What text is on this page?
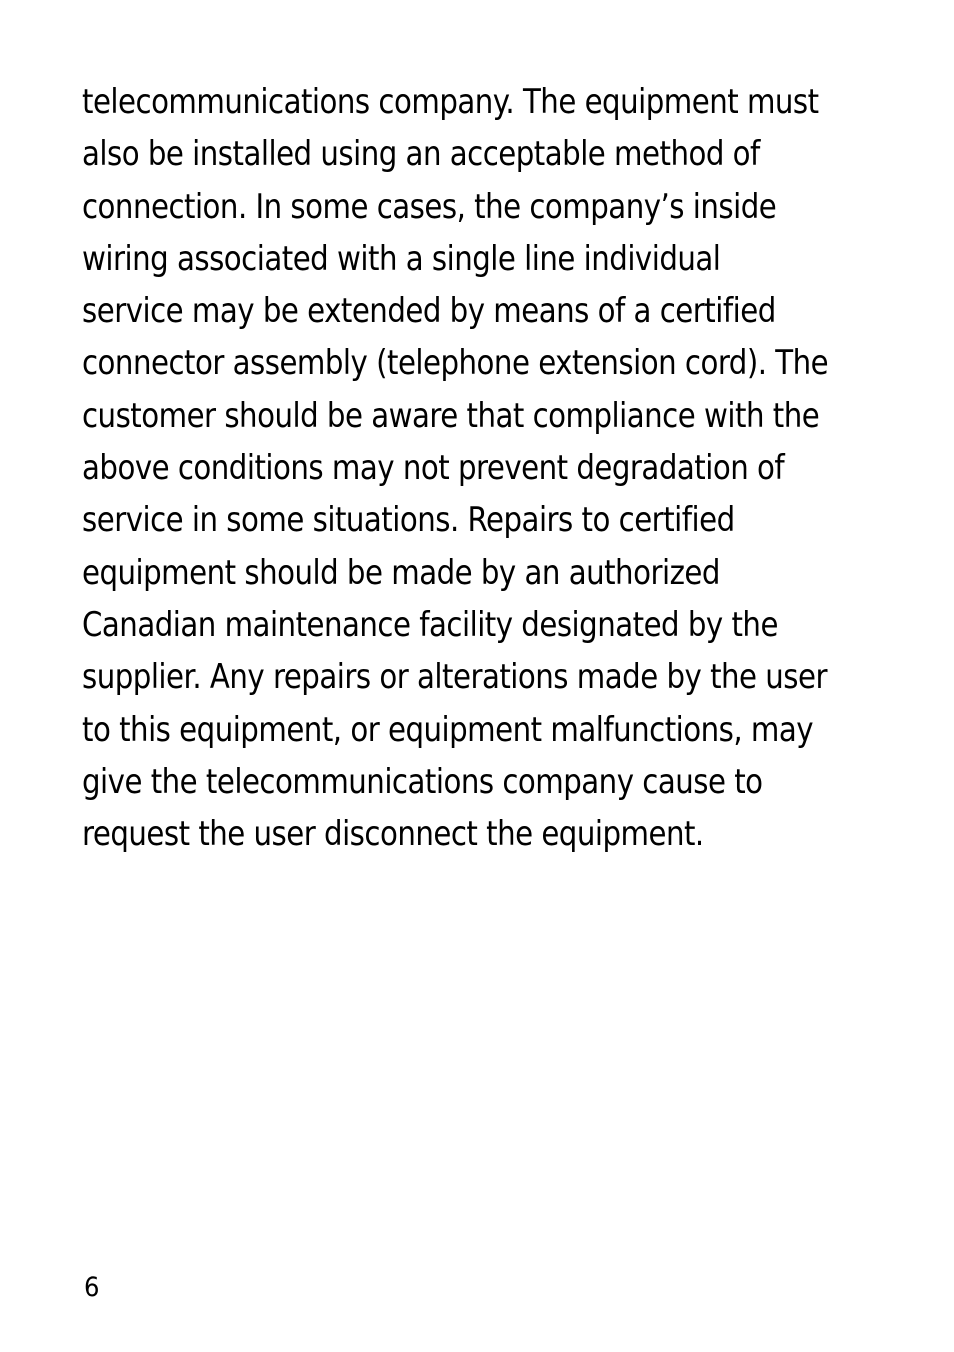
telecommunications company. The equipment must
also be installed using an acceptable method of
connection. In some cases, the company’s inside
wiring associated with a single line individual
service may be extended by means of a certified
connector assembly (telephone extension cord). The
customer should be aware that compliance with the
above conditions may not prevent degradation of
service in some situations. Repairs to certified
equipment should be made by an authorized
Canadian maintenance facility designated by the
supplier. Any repairs or alterations made by the user
to this equipment, or equipment malfunctions, may
give the telecommunications company cause to
request the user disconnect the equipment.

6
